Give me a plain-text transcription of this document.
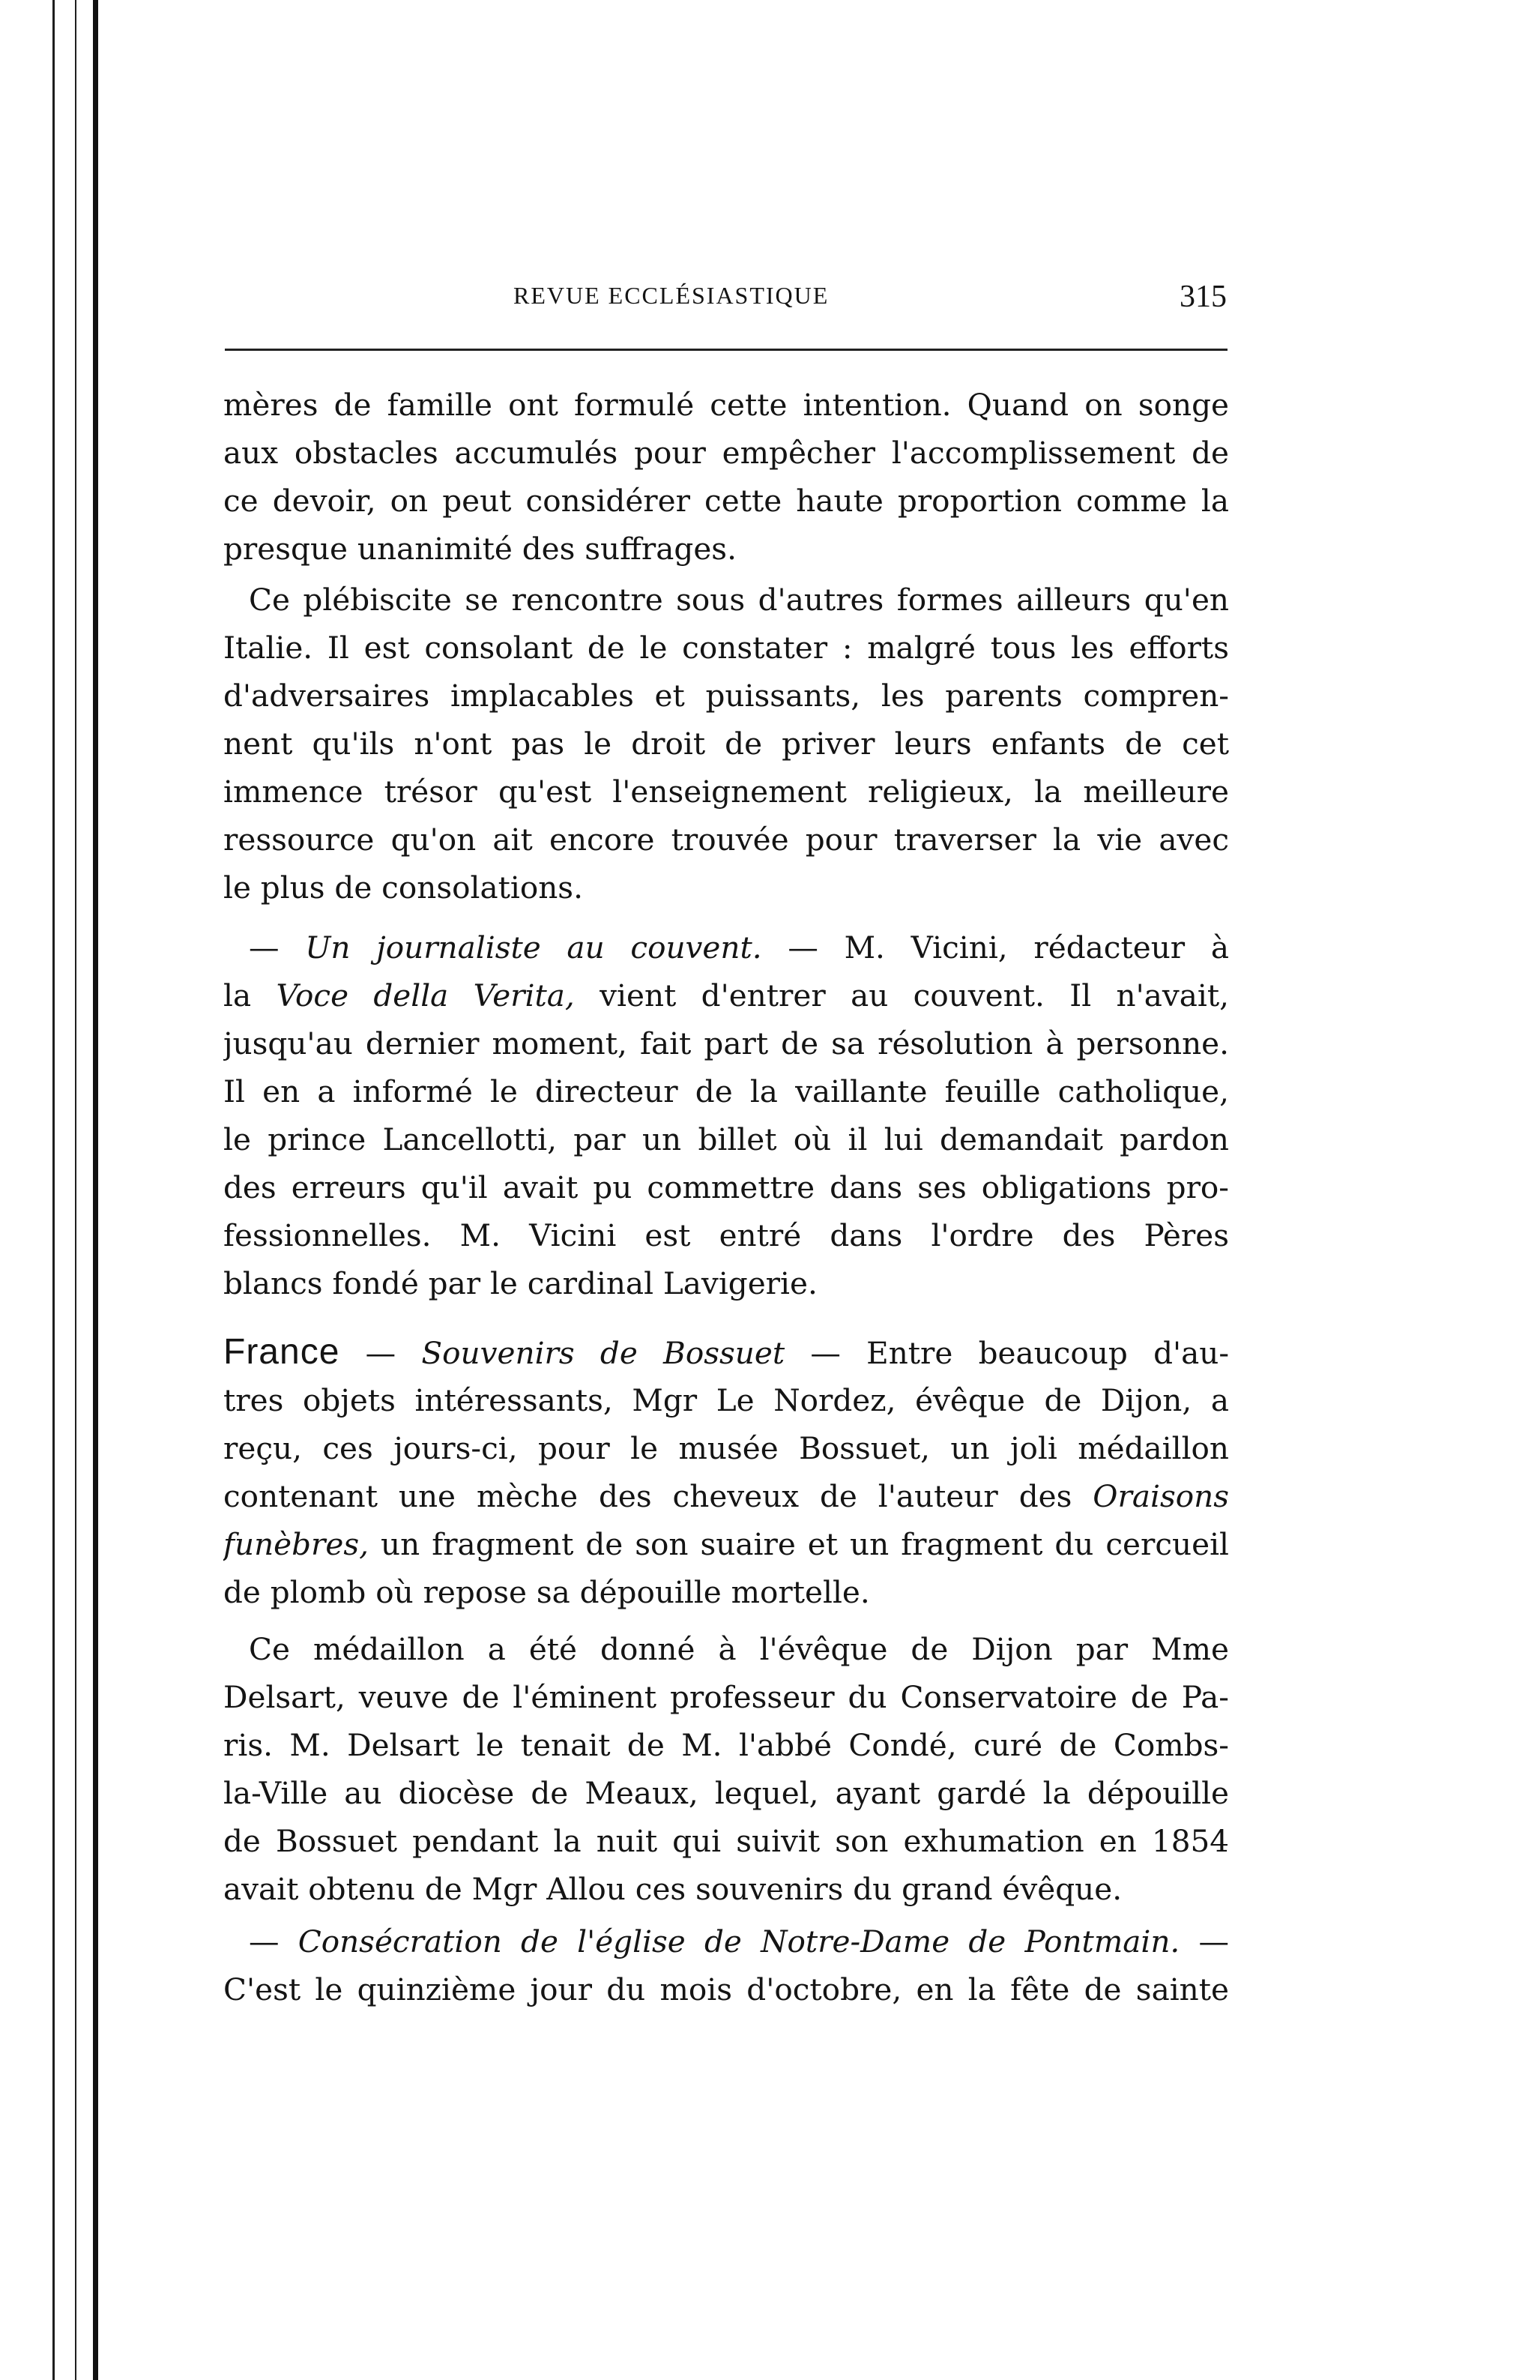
REVUE ECCLÉSIASTIQUE	315
mères de famille ont formulé cette intention. Quand on songe
aux obstacles accumulés pour empêcher l'accomplissement de
ce devoir, on peut considérer cette haute proportion comme la
presque unanimité des suffrages.
Ce plébiscite se rencontre sous d'autres formes ailleurs qu'en
Italie. Il est consolant de le constater : malgré tous les efforts
d'adversaires implacables et puissants, les parents compren-
nent qu'ils n'ont pas le droit de priver leurs enfants de cet
immence trésor qu'est l'enseignement religieux, la meilleure
ressource qu'on ait encore trouvée pour traverser la vie avec
le plus de consolations.
— Un journaliste au couvent. — M. Vicini, rédacteur à
la Voce della Verita, vient d'entrer au couvent. Il n'avait,
jusqu'au dernier moment, fait part de sa résolution à personne.
Il en a informé le directeur de la vaillante feuille catholique,
le prince Lancellotti, par un billet où il lui demandait pardon
des erreurs qu'il avait pu commettre dans ses obligations pro-
fessionnelles. M. Vicini est entré dans l'ordre des Pères
blancs fondé par le cardinal Lavigerie.
France — Souvenirs de Bossuet — Entre beaucoup d'au-
tres objets intéressants, Mgr Le Nordez, évêque de Dijon, a
reçu, ces jours-ci, pour le musée Bossuet, un joli médaillon
contenant une mèche des cheveux de l'auteur des Oraisons
funèbres, un fragment de son suaire et un fragment du cercueil
de plomb où repose sa dépouille mortelle.
Ce médaillon a été donné à l'évêque de Dijon par Mme
Delsart, veuve de l'éminent professeur du Conservatoire de Pa-
ris. M. Delsart le tenait de M. l'abbé Condé, curé de Combs-
la-Ville au diocèse de Meaux, lequel, ayant gardé la dépouille
de Bossuet pendant la nuit qui suivit son exhumation en 1854
avait obtenu de Mgr Allou ces souvenirs du grand évêque.
— Consécration de l'église de Notre-Dame de Pontmain. —
C'est le quinzième jour du mois d'octobre, en la fête de sainte
